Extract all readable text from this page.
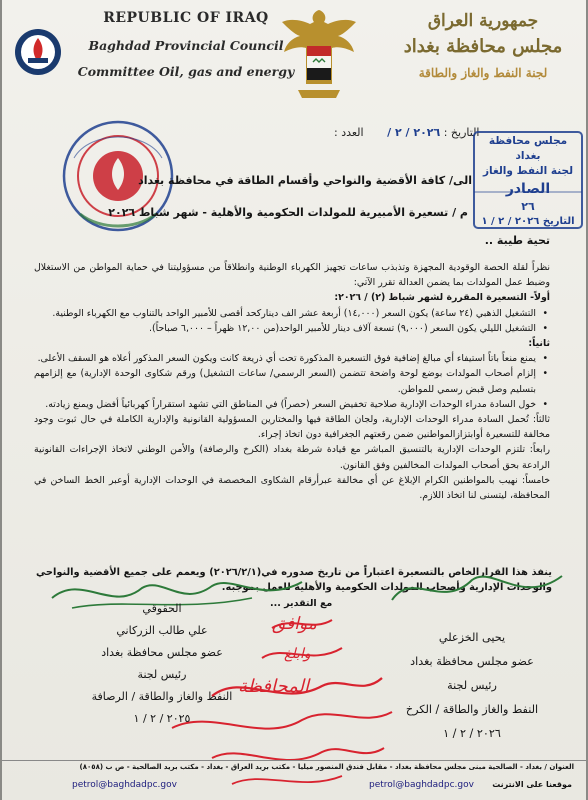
REPUBLIC OF IRAQ
Baghdad Provincial Council
Committee Oil, gas and energy
جمهورية العراق
مجلس محافظة بغداد
لجنة النفط والغاز والطاقة
التاريخ : ٢٠٢٦ / ٢ / العدد :
مجلس محافظة بغداد
لجنة النفط والغاز
الصادر
٢٦
التاريخ ٢٠٢٦ / ٢ / ١
الى/ كافة الأقضية والنواحي وأقسام الطاقة في محافظة بغداد
م / تسعيرة الأمبيرية للمولدات الحكومية والأهلية - شهر شباط ٢٠٢٦
تحية طيبة ..

نظراً لقلة الحصة الوقودية المجهزة وتذبذب ساعات تجهيز الكهرباء الوطنية وانطلاقاً من مسؤوليتنا في حماية المواطن من الاستغلال وضبط عمل المولدات بما يضمن العدالة تقرر الآتي:

أولاً- التسعيرة المقررة لشهر شباط (٢) / ٢٠٢٦:

• التشغيل الذهبي (٢٤ ساعة) يكون السعر (١٤,٠٠٠) أربعة عشر الف ديناركحد أقصى للأمبير الواحد بالتناوب مع الكهرباء الوطنية.
• التشغيل الليلي يكون السعر (٩,٠٠٠) تسعة آلاف دينار للأمبير الواحد(من ١٢,٠٠ ظهراً – ٦,٠٠٠ صباحاً).

ثانياً:

• يمنع منعاً باتاً استيفاء أي مبالغ إضافية فوق التسعيرة المذكورة تحت أي ذريعة كانت ويكون السعر المذكور أعلاه هو السقف الأعلى.
• إلزام أصحاب المولدات بوضع لوحة واضحة تتضمن (السعر الرسمي/ ساعات التشغيل) ورقم شكاوى الوحدة الإدارية) مع إلزامهم بتسليم وصل قبض رسمي للمواطن.
• خول السادة مدراء الوحدات الإدارية صلاحية تخفيض السعر (حصراً) في المناطق التي تشهد استقراراً كهربائياً أفضل ويمنع زيادته.

ثالثاً: تُحمل السادة مدراء الوحدات الإدارية، ولجان الطاقة فيها والمختارين المسؤولية القانونية والإدارية الكاملة في حال ثبوت وجود مخالفة للتسعيرة أوابتزازالمواطنين ضمن رقعتهم الجغرافية دون اتخاذ إجراء.

رابعاً: تلتزم الوحدات الإدارية بالتنسيق المباشر مع قيادة شرطة بغداد (الكرخ والرصافة) والأمن الوطني لاتخاذ الإجراءات القانونية الرادعة بحق أصحاب المولدات المخالفين وفق القانون.

خامساً: نهيب بالمواطنين الكرام الإبلاغ عن أي مخالفة عبرأرقام الشكاوى المخصصة في الوحدات الإدارية أوعبر الخط الساخن في المحافظة، ليتسنى لنا اتخاذ اللازم.

ينفذ هذا القرارالخاص بالتسعيرة اعتباراً من تاريخ صدوره في(٢٠٢٦/٢/١) ويعمم على جميع الأقضية والنواحي والوحدات الإدارية وأصحاب المولدات الحكومية والأهلية للعمل بموجبه.
مع التقدير ...
يحيى الخزعلي
عضو مجلس محافظة بغداد
رئيس لجنة
النفط والغاز والطاقة / الكرخ
٢٠٢٦ / ٢ / ١
الحقوقي
علي طالب الزركاني
عضو مجلس محافظة بغداد
رئيس لجنة
النفط والغاز والطاقة / الرصافة
٢٠٢٥ / ٢ / ١
موافق
وابلغ
المحافظة
العنوان / بغداد - الصالحية مبنى مجلس محافظة بغداد - مقابل فندق المنصور ميليا - مكتب بريد العراق - بغداد - مكتب بريد الصالحية - ص ب (٨٠٥٨)
petrol@baghdadpc.gov	petrol@baghdadpc.gov موقعنا على الانترنت
